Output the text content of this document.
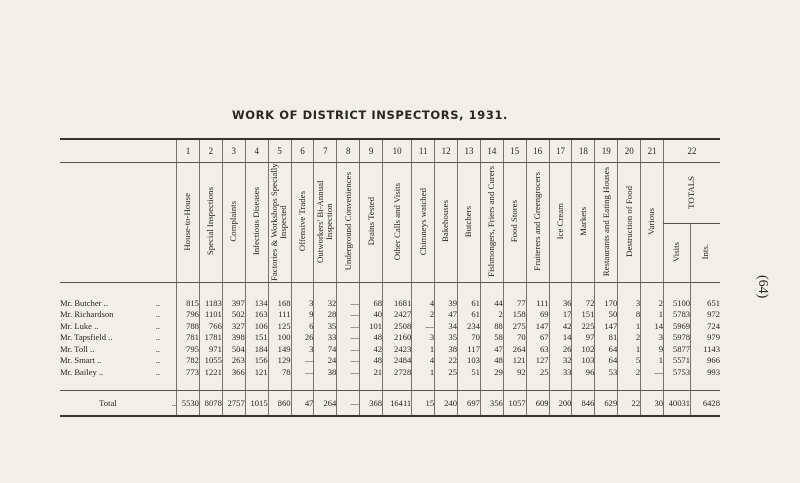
WORK OF DISTRICT INSPECTORS, 1931.
(64)

		1	2	3	4	5	6	7	8	9	10	11	12	13	14	15	16	17	18	19	20	21	22	
		House-to-House	Special Inspections	Complaints	Infectious Diseases	Factories & Workshops Specially Inspected	Offensive Trades	Outworkers' Bi-Annual Inspection	Underground Conveniences	Drains Tested	Other Calls and Visits	Chimneys watched	Bakehouses	Butchers	Fishmongers, Friers and Curers	Food Stores	Fruiterers and Greengrocers	Ice Cream	Markets	Restaurants and Eating Houses	Destruction of Food	Various	TOTALS	
																							Visits	Ints.

Mr. Butcher ..	..	815	1183	397	134	168	3	32	—	68	1681	4	39	61	44	77	111	36	72	170	3	2	5100	651
Mr. Richardson	..	796	1101	502	163	111	9	28	—	40	2427	2	47	61	2	158	69	17	151	50	8	1	5783	972
Mr. Luke ..	..	788	766	327	106	125	6	35	—	101	2508	—	34	234	88	275	147	42	225	147	1	14	5969	724
Mr. Tapsfield ..	..	781	1781	398	151	100	26	33	—	48	2160	3	35	70	58	70	67	14	97	81	2	3	5978	979
Mr. Toll ..	..	795	971	504	184	149	3	74	—	42	2423	1	38	117	47	264	63	26	102	64	1	9	5877	1143
Mr. Smart ..	..	782	1055	263	156	129	—	24	—	48	2484	4	22	103	48	121	127	32	103	64	5	1	5571	966
Mr. Bailey ..	..	773	1221	366	121	78	—	38	—	21	2728	1	25	51	29	92	25	33	96	53	2	—	5753	993

Total	..	5530	8078	2757	1015	860	47	264	—	368	16411	15	240	697	356	1057	609	200	846	629	22	30	40031	6428
